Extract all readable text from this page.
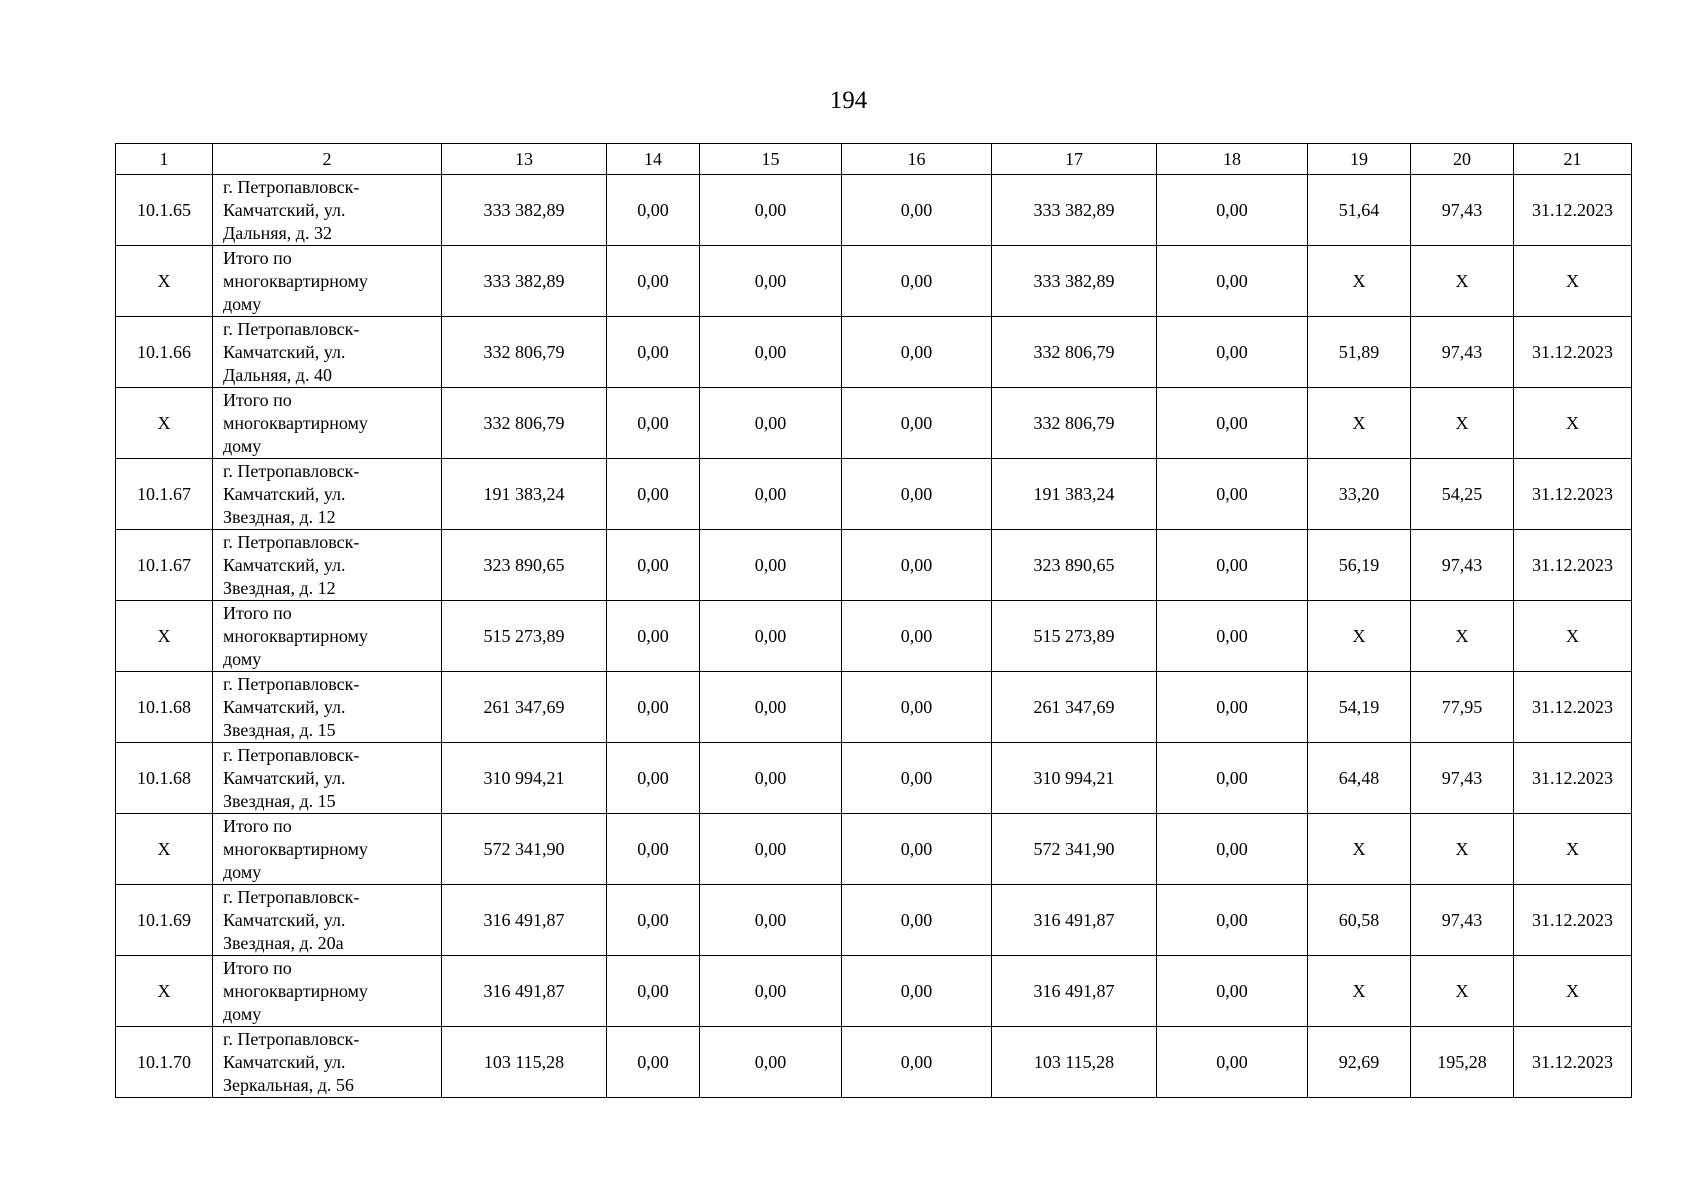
194
1	2	13	14	15	16	17	18	19	20	21
10.1.65	г. Петропавловск-
Камчатский, ул.
Дальняя, д. 32	333 382,89	0,00	0,00	0,00	333 382,89	0,00	51,64	97,43	31.12.2023
X	Итого по
многоквартирному
дому	333 382,89	0,00	0,00	0,00	333 382,89	0,00	X	X	X
10.1.66	г. Петропавловск-
Камчатский, ул.
Дальняя, д. 40	332 806,79	0,00	0,00	0,00	332 806,79	0,00	51,89	97,43	31.12.2023
X	Итого по
многоквартирному
дому	332 806,79	0,00	0,00	0,00	332 806,79	0,00	X	X	X
10.1.67	г. Петропавловск-
Камчатский, ул.
Звездная, д. 12	191 383,24	0,00	0,00	0,00	191 383,24	0,00	33,20	54,25	31.12.2023
10.1.67	г. Петропавловск-
Камчатский, ул.
Звездная, д. 12	323 890,65	0,00	0,00	0,00	323 890,65	0,00	56,19	97,43	31.12.2023
X	Итого по
многоквартирному
дому	515 273,89	0,00	0,00	0,00	515 273,89	0,00	X	X	X
10.1.68	г. Петропавловск-
Камчатский, ул.
Звездная, д. 15	261 347,69	0,00	0,00	0,00	261 347,69	0,00	54,19	77,95	31.12.2023
10.1.68	г. Петропавловск-
Камчатский, ул.
Звездная, д. 15	310 994,21	0,00	0,00	0,00	310 994,21	0,00	64,48	97,43	31.12.2023
X	Итого по
многоквартирному
дому	572 341,90	0,00	0,00	0,00	572 341,90	0,00	X	X	X
10.1.69	г. Петропавловск-
Камчатский, ул.
Звездная, д. 20а	316 491,87	0,00	0,00	0,00	316 491,87	0,00	60,58	97,43	31.12.2023
X	Итого по
многоквартирному
дому	316 491,87	0,00	0,00	0,00	316 491,87	0,00	X	X	X
10.1.70	г. Петропавловск-
Камчатский, ул.
Зеркальная, д. 56	103 115,28	0,00	0,00	0,00	103 115,28	0,00	92,69	195,28	31.12.2023
